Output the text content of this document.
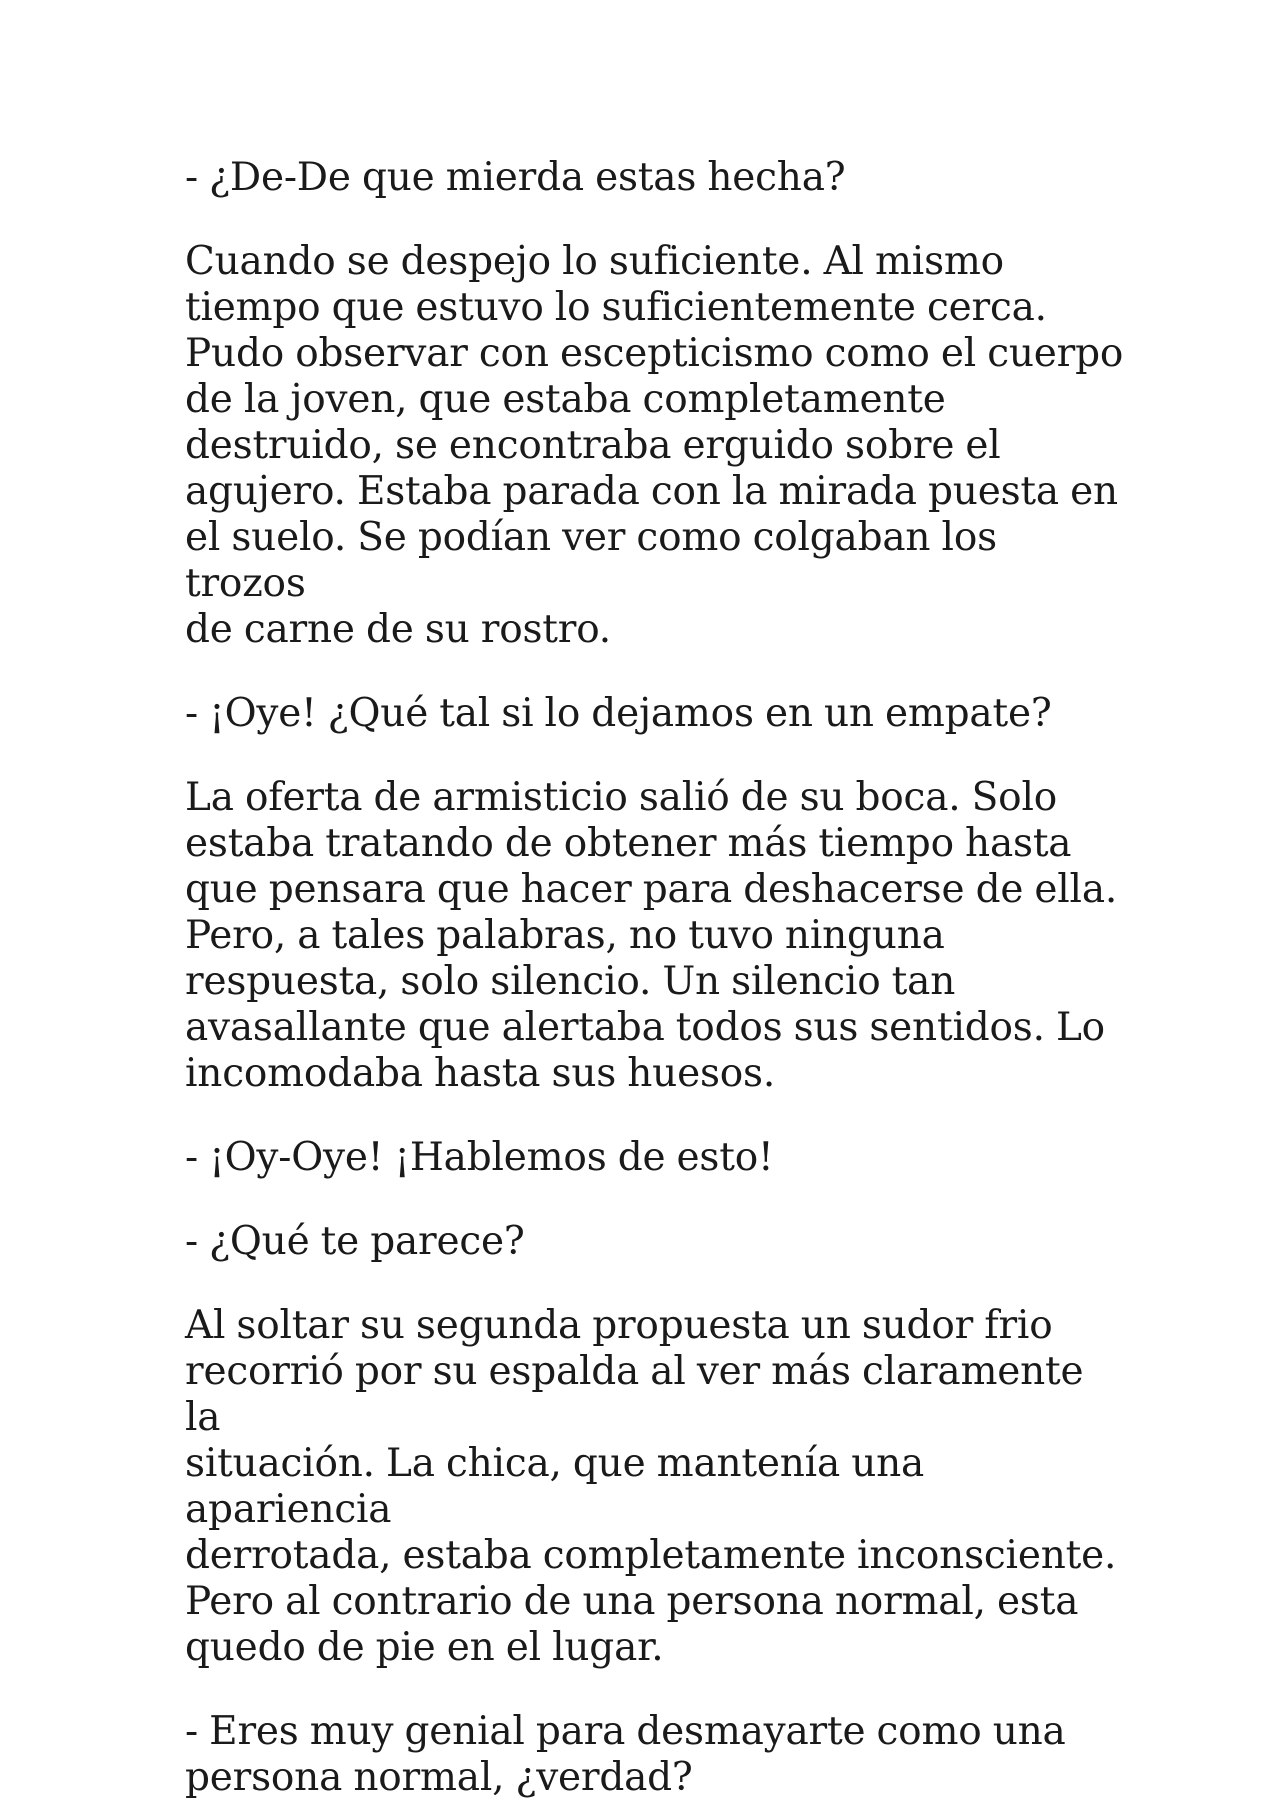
- ¿De-De que mierda estas hecha?

Cuando se despejo lo suficiente. Al mismo
tiempo que estuvo lo suficientemente cerca.
Pudo observar con escepticismo como el cuerpo
de la joven, que estaba completamente
destruido, se encontraba erguido sobre el
agujero. Estaba parada con la mirada puesta en
el suelo. Se podían ver como colgaban los trozos
de carne de su rostro.

- ¡Oye! ¿Qué tal si lo dejamos en un empate?

La oferta de armisticio salió de su boca. Solo
estaba tratando de obtener más tiempo hasta
que pensara que hacer para deshacerse de ella.
Pero, a tales palabras, no tuvo ninguna
respuesta, solo silencio. Un silencio tan
avasallante que alertaba todos sus sentidos. Lo
incomodaba hasta sus huesos.

- ¡Oy-Oye! ¡Hablemos de esto!

- ¿Qué te parece?

Al soltar su segunda propuesta un sudor frio
recorrió por su espalda al ver más claramente la
situación. La chica, que mantenía una apariencia
derrotada, estaba completamente inconsciente.
Pero al contrario de una persona normal, esta
quedo de pie en el lugar.

- Eres muy genial para desmayarte como una
persona normal, ¿verdad?
